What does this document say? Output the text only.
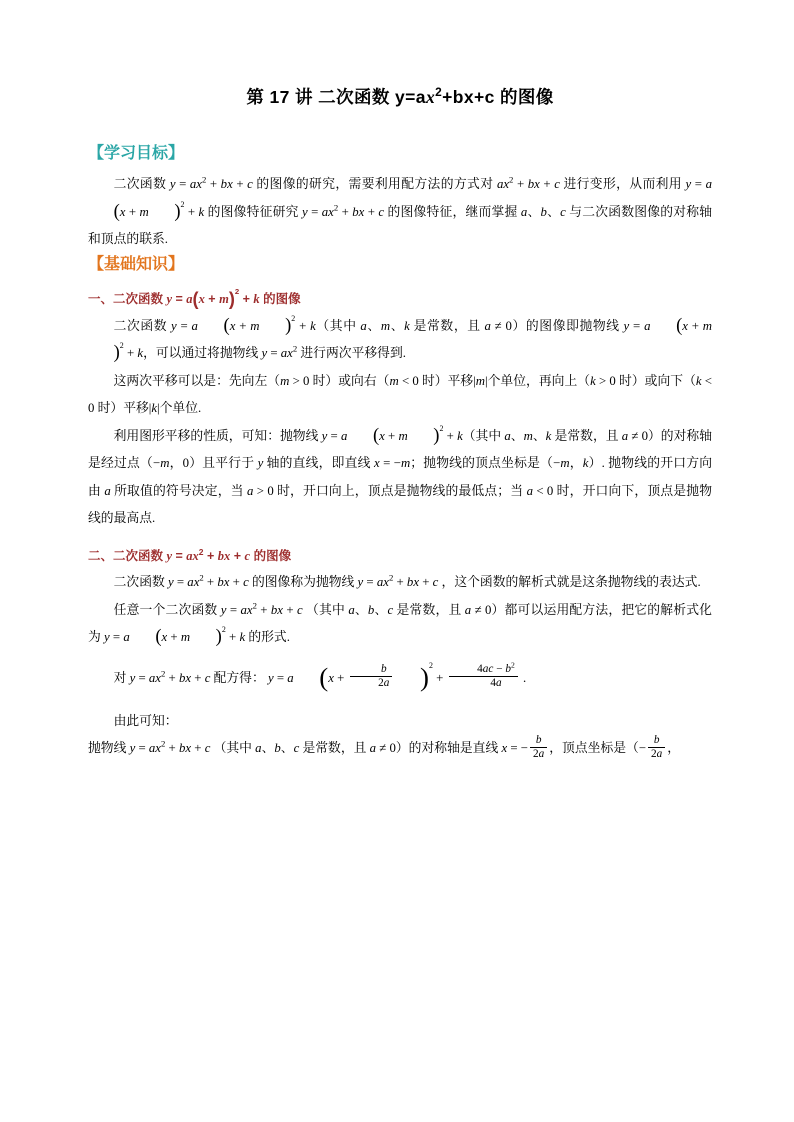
第 17 讲 二次函数 $y=ax^2+bx+c$ 的图像
【学习目标】

二次函数 $y = ax^2$ + bx + c 的图像的研究，需要利用配方法的方式对 $ax^2$ + bx + c 进行变形，从而利用 y = a(x + m )$^2$ + k 的图像特征研究 $y = ax^2$ + bx + c 的图像特征，继而掌握 a、b、c 与二次函数图像的对称轴和顶点的联系.

【基础知识】
一、二次函数 $y = a(x + m)^2 + k$ 的图像

二次函数 y = a (x + m )$^2$ + k（其中 a、m、k 是常数，且 a ≠ 0）的图像即抛物线 y = a $(x + m)^2 + k$，可以通过将抛物线 $y = ax^2$ 进行两次平移得到.

这两次平移可以是：先向左（m > 0 时）或向右（m < 0 时）平移|m|个单位，再向上（k > 0 时）或向下（k < 0 时）平移|k|个单位.

利用图形平移的性质，可知：抛物线 y = a (x + m )$^2$ + k（其中 a、m、k 是常数，且 a ≠ 0）的对称轴是经过点（−m，0）且平行于 y 轴的直线，即直线 x = −m；抛物线的顶点坐标是（−m，k）. 抛物线的开口方向由 a 所取值的符号决定，当 a > 0 时，开口向上，顶点是抛物线的最低点；当 a < 0 时，开口向下，顶点是抛物线的最高点.

二、二次函数 $y = ax^2$ + bx + c 的图像

二次函数 $y = ax^2$ + bx + c 的图像称为抛物线 $y = ax^2$ + bx + c ，这个函数的解析式就是这条抛物线的表达式.

任意一个二次函数 $y = ax^2$ + bx + c （其中 a、b、c 是常数，且 a ≠ 0）都可以运用配方法，把它的解析式化为 y = a (x + m )$^2$ + k 的形式.

对 $y = ax^2$ + bx + c 配方得： y = a $(x + \frac{b}{2a} )^2 + \frac{4ac - b^2}{4a}$ .

由此可知：

抛物线 $y = ax^2$ + bx + c （其中 a、b、c 是常数，且 a ≠ 0）的对称轴是直线 x = − $\frac{b}{2a}$ ，顶点坐标是（− $\frac{b}{2a}$ ，
